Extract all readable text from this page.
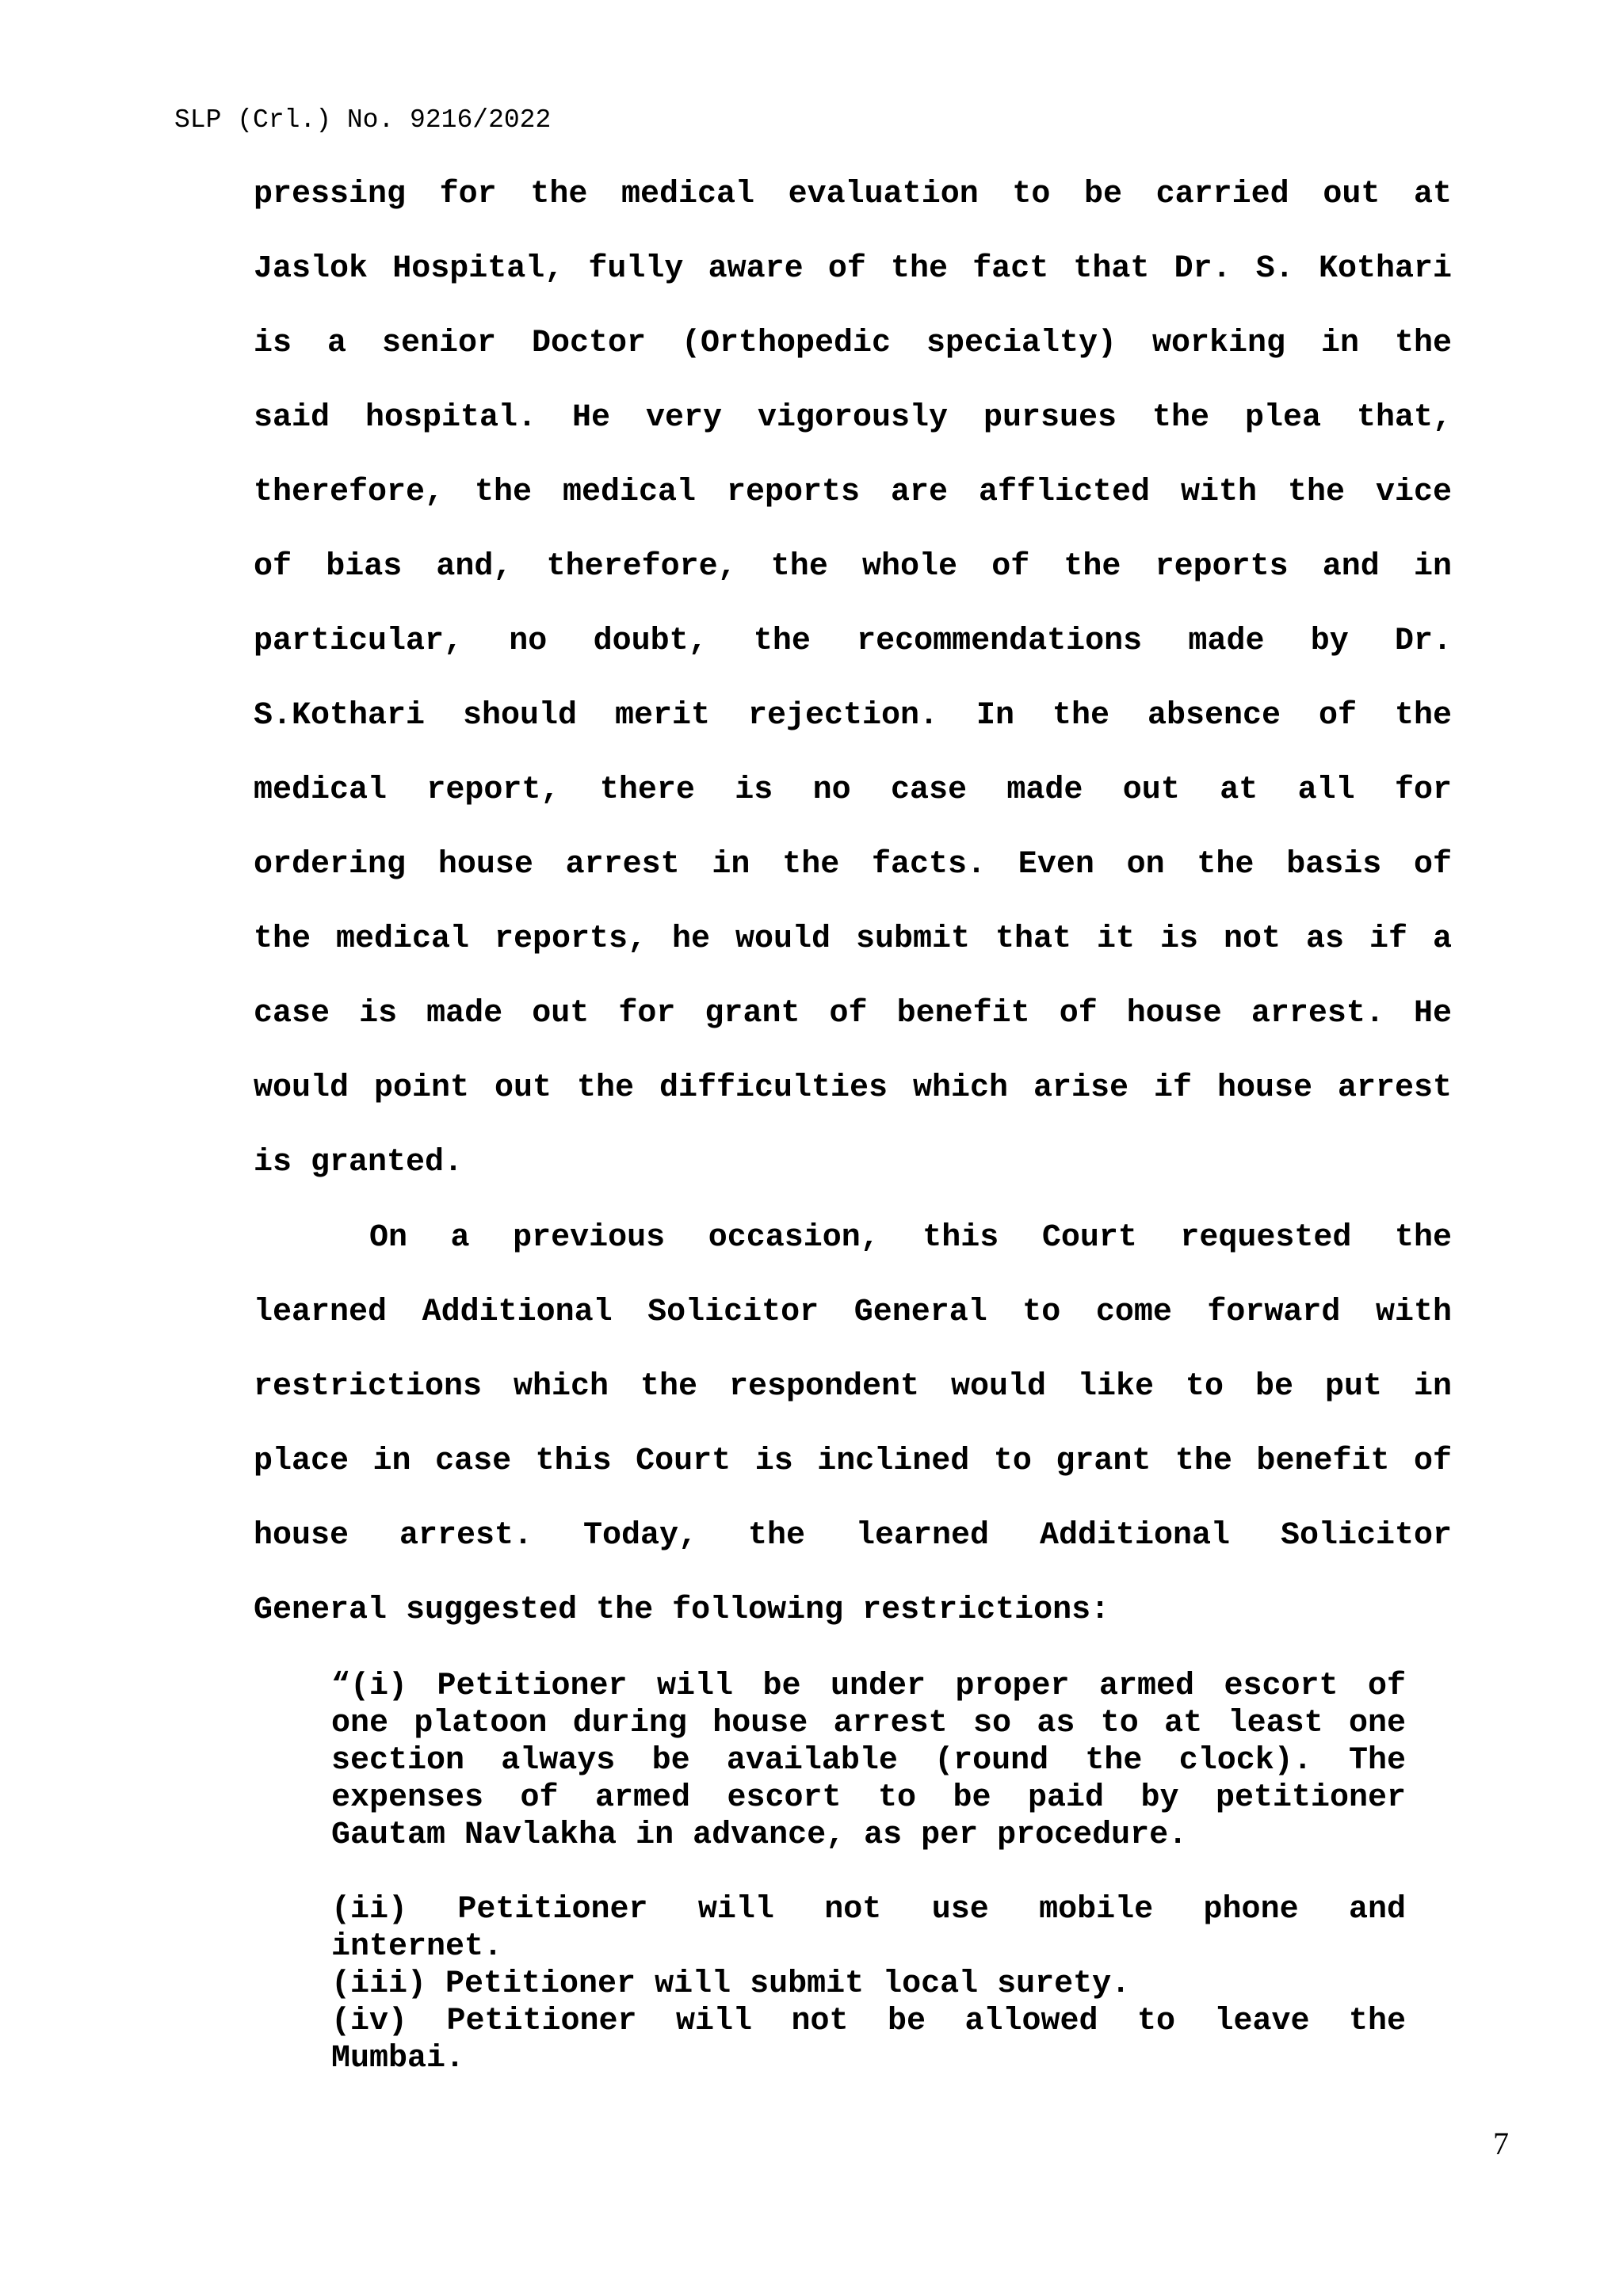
SLP (Crl.) No. 9216/2022
pressing for the medical evaluation to be carried out at
Jaslok Hospital, fully aware of the fact that Dr. S. Kothari
is a senior Doctor (Orthopedic specialty) working in the
said hospital. He very vigorously pursues the plea that,
therefore, the medical reports are afflicted with the vice
of bias and, therefore, the whole of the reports and in
particular, no doubt, the recommendations made by Dr.
S.Kothari should merit rejection. In the absence of the
medical report, there is no case made out at all for
ordering house arrest in the facts. Even on the basis of
the medical reports, he would submit that it is not as if a
case is made out for grant of benefit of house arrest. He
would point out the difficulties which arise if house arrest
is granted.
On a previous occasion, this Court requested the
learned Additional Solicitor General to come forward with
restrictions which the respondent would like to be put in
place in case this Court is inclined to grant the benefit of
house arrest. Today, the learned Additional Solicitor
General suggested the following restrictions:
“(i) Petitioner will be under proper armed escort of
one platoon during house arrest so as to at least one
section always be available (round the clock). The
expenses of armed escort to be paid by petitioner
Gautam Navlakha in advance, as per procedure.
(ii) Petitioner will not use mobile phone and
internet.
(iii) Petitioner will submit local surety.
(iv) Petitioner will not be allowed to leave the
Mumbai.
7
